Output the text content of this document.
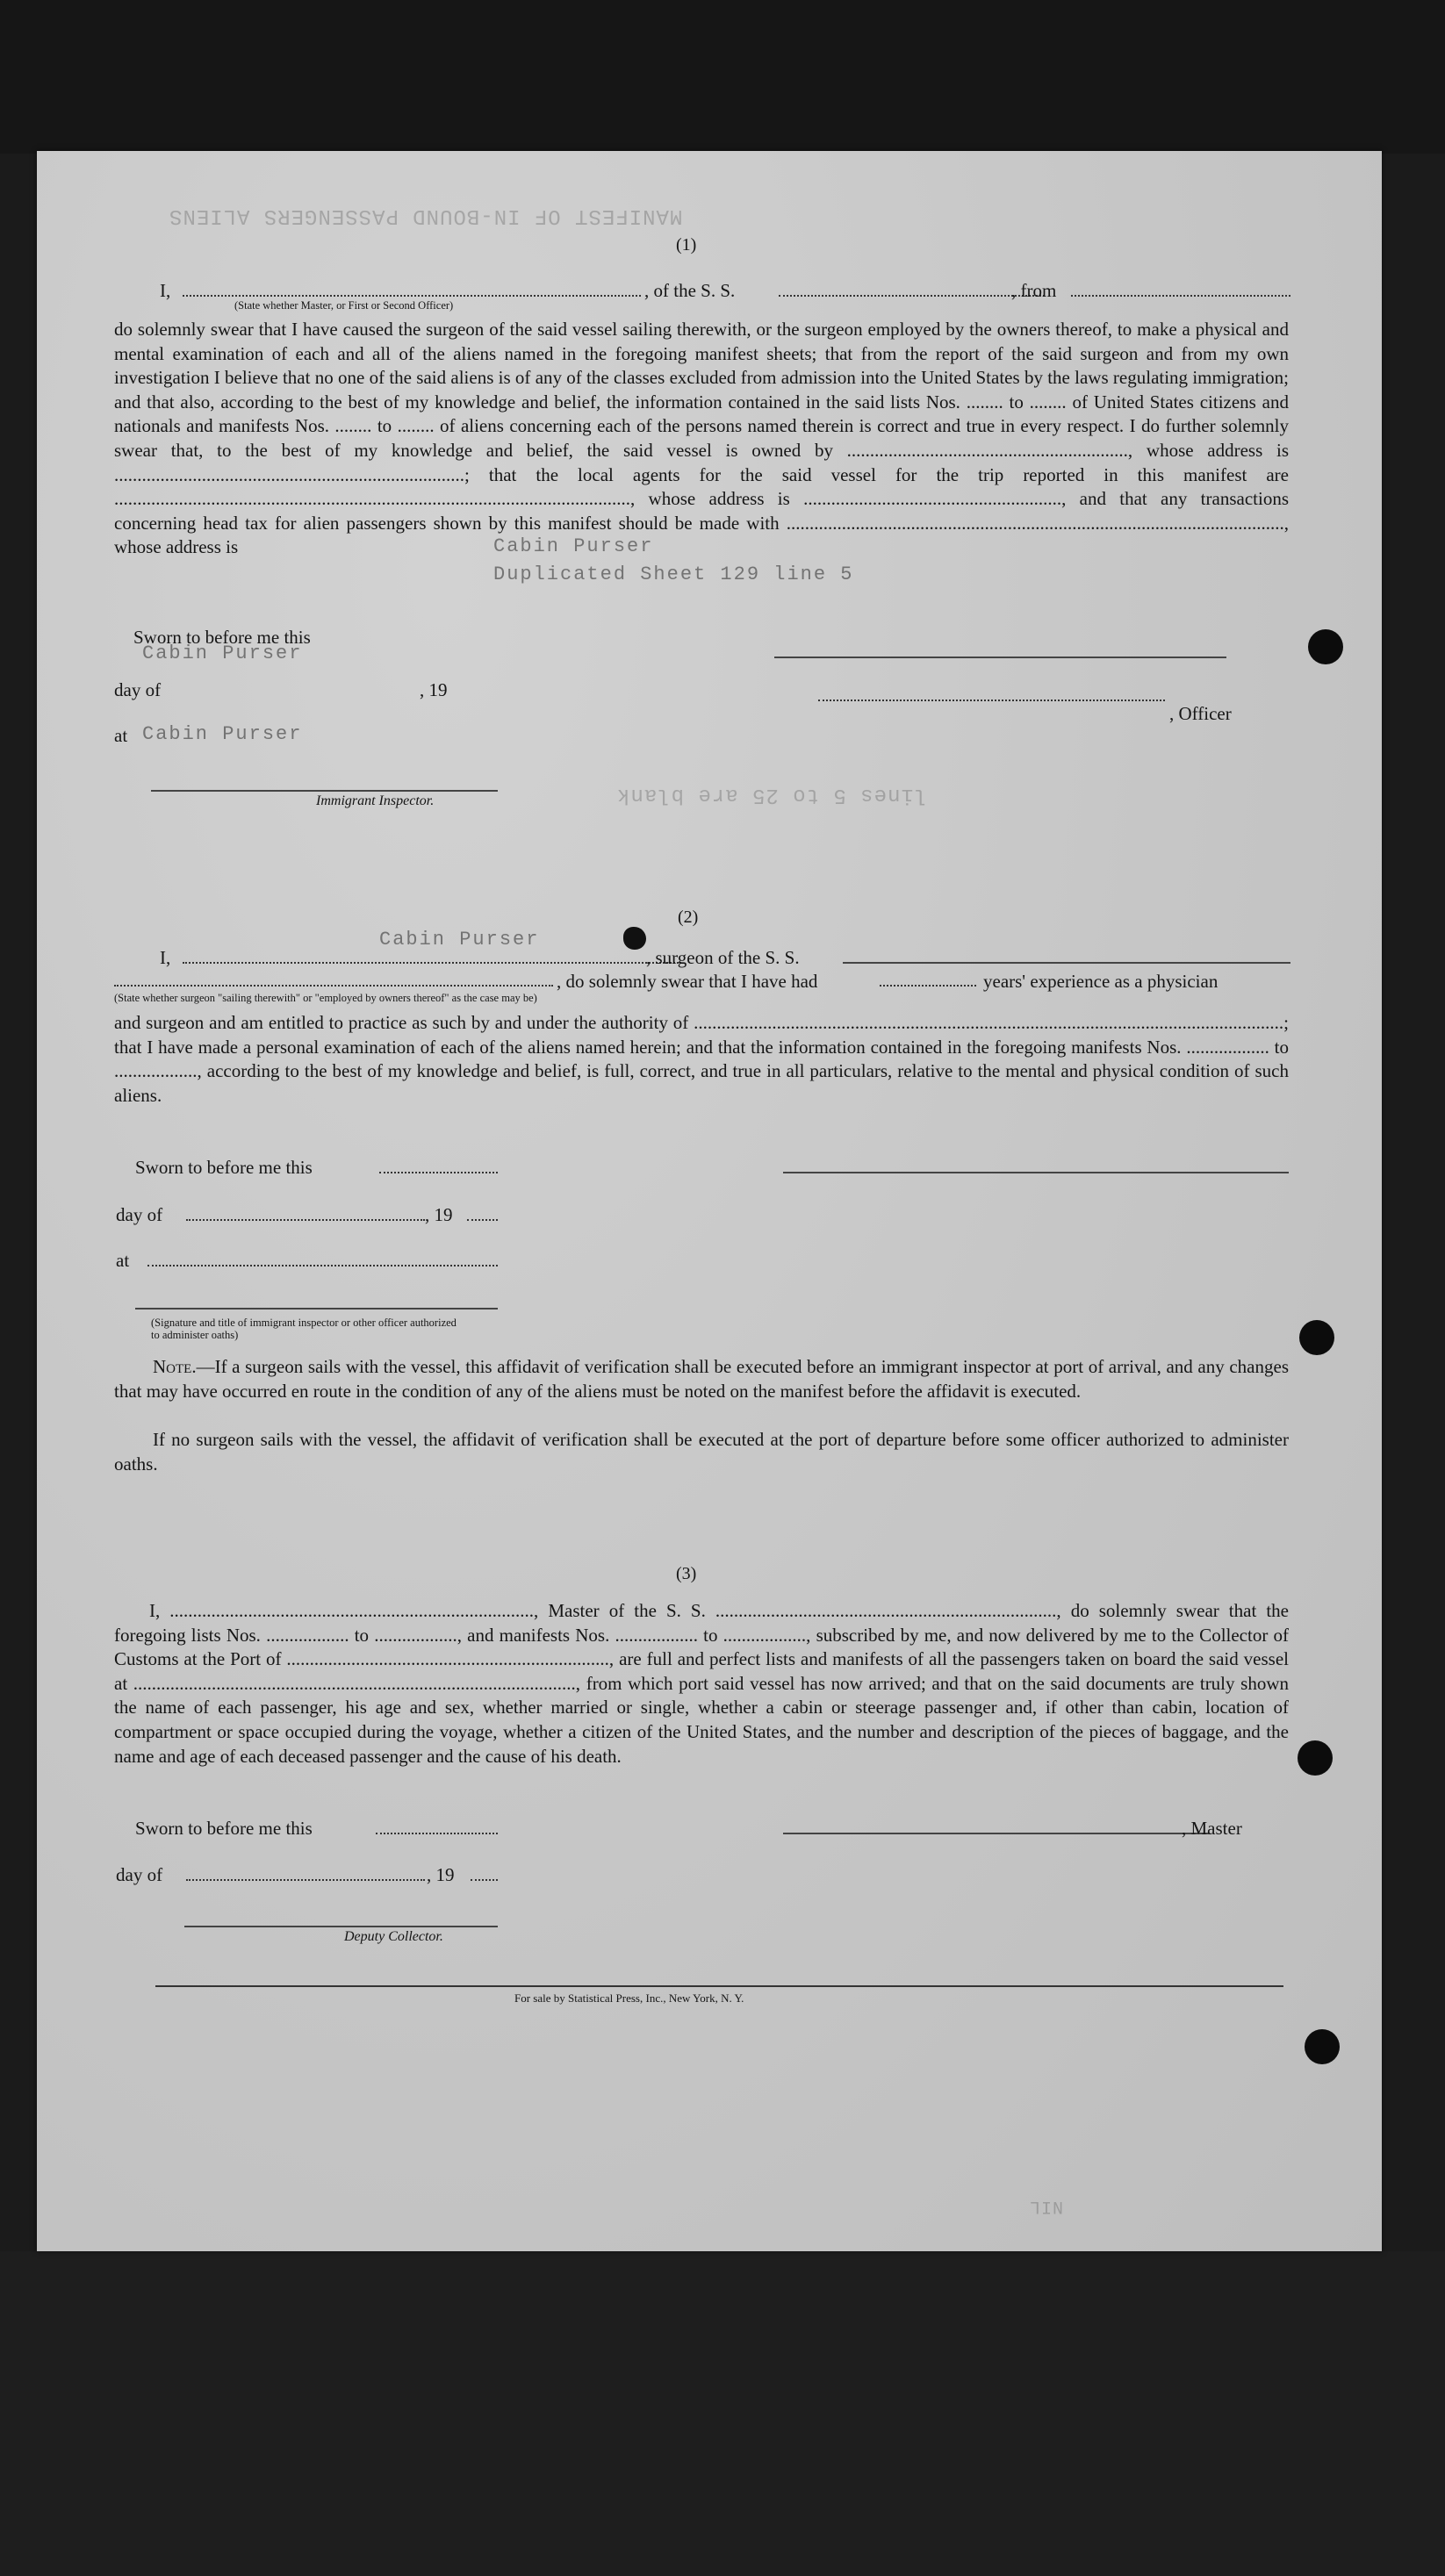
MANIFEST OF IN-BOUND PASSENGERS ALIENS
lines 5 to 25 are blank
NIL
(1)
I,	, of the S. S.	, from
(State whether Master, or First or Second Officer)
do solemnly swear that I have caused the surgeon of the said vessel sailing therewith, or the surgeon employed by the owners thereof, to make a physical and mental examination of each and all of the aliens named in the foregoing manifest sheets; that from the report of the said surgeon and from my own investigation I believe that no one of the said aliens is of any of the classes excluded from admission into the United States by the laws regulating immigration; and that also, according to the best of my knowledge and belief, the information contained in the said lists Nos. ........ to ........ of United States citizens and nationals and manifests Nos. ........ to ........ of aliens concerning each of the persons named therein is correct and true in every respect. I do further solemnly swear that, to the best of my knowledge and belief, the said vessel is owned by ............................................................., whose address is ............................................................................; that the local agents for the said vessel for the trip reported in this manifest are ................................................................................................................, whose address is ........................................................, and that any transactions concerning head tax for alien passengers shown by this manifest should be made with ............................................................................................................, whose address is
Sworn to before me this
day of	, 19
, Officer
at
Immigrant Inspector.
Cabin Purser
Duplicated Sheet 129 line 5
Cabin Purser
Cabin Purser
(2)
Cabin Purser
I,	, surgeon of the S. S.
, do solemnly swear that I have had	years' experience as a physician
(State whether surgeon "sailing therewith" or "employed by owners thereof" as the case may be)
and surgeon and am entitled to practice as such by and under the authority of ................................................................................................................................; that I have made a personal examination of each of the aliens named herein; and that the information contained in the foregoing manifests Nos. .................. to .................., according to the best of my knowledge and belief, is full, correct, and true in all particulars, relative to the mental and physical condition of such aliens.
Sworn to before me this
day of	, 19
at
(Signature and title of immigrant inspector or other officer authorized to administer oaths)
Note.—If a surgeon sails with the vessel, this affidavit of verification shall be executed before an immigrant inspector at port of arrival, and any changes that may have occurred en route in the condition of any of the aliens must be noted on the manifest before the affidavit is executed.
If no surgeon sails with the vessel, the affidavit of verification shall be executed at the port of departure before some officer authorized to administer oaths.
(3)
I, ..............................................................................., Master of the S. S. .........................................................................., do solemnly swear that the foregoing lists Nos. .................. to .................., and manifests Nos. .................. to .................., subscribed by me, and now delivered by me to the Collector of Customs at the Port of ......................................................................, are full and perfect lists and manifests of all the passengers taken on board the said vessel at ................................................................................................, from which port said vessel has now arrived; and that on the said documents are truly shown the name of each passenger, his age and sex, whether married or single, whether a cabin or steerage passenger and, if other than cabin, location of compartment or space occupied during the voyage, whether a citizen of the United States, and the number and description of the pieces of baggage, and the name and age of each deceased passenger and the cause of his death.
Sworn to before me this	, Master
day of	, 19
Deputy Collector.
For sale by Statistical Press, Inc., New York, N. Y.
